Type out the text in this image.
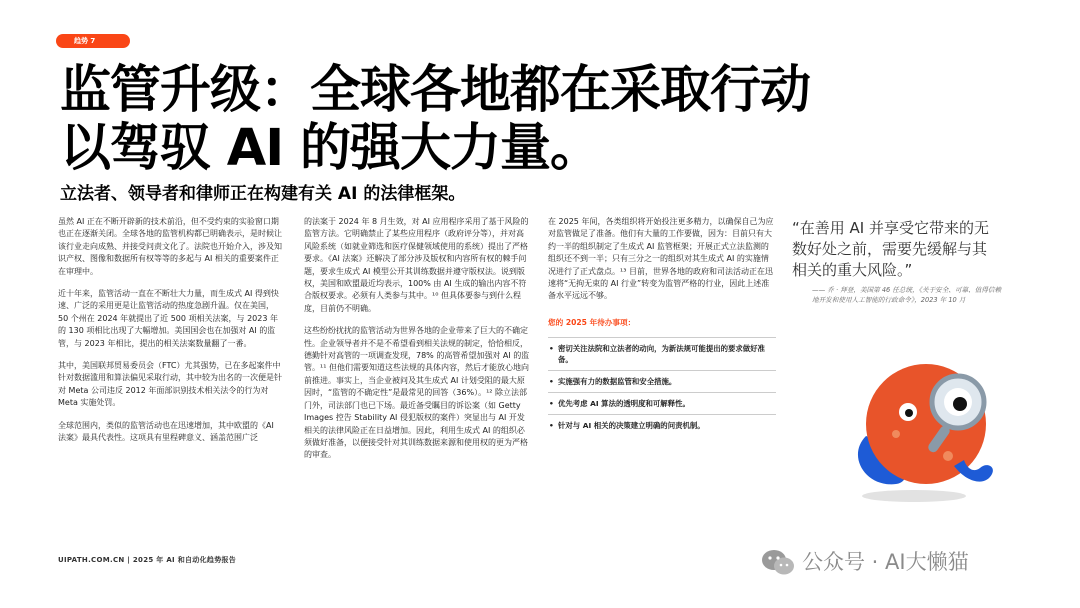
趋势 7
监管升级：全球各地都在采取行动
以驾驭 AI 的强大力量。
立法者、领导者和律师正在构建有关 AI 的法律框架。

虽然 AI 正在不断开辟新的技术前沿，但不受约束的实验窗口期也正在逐渐关闭。全球各地的监管机构都已明确表示，是时候让该行业走向成熟、并接受问责文化了。法院也开始介入，涉及知识产权、图像和数据所有权等等的多起与 AI 相关的重要案件正在审理中。

近十年来，监管活动一直在不断壮大力量，而生成式 AI 得到快速、广泛的采用更是让监管活动的热度急剧升温。仅在美国，50 个州在 2024 年就提出了近 500 项相关法案，与 2023 年的 130 项相比出现了大幅增加。美国国会也在加强对 AI 的监管，与 2023 年相比，提出的相关法案数量翻了一番。

其中，美国联邦贸易委员会（FTC）尤其强势，已在多起案件中针对数据滥用和算法偏见采取行动，其中较为出名的一次便是针对 Meta 公司违反 2012 年面部识别技术相关法令的行为对 Meta 实施处罚。

全球范围内，类似的监管活动也在迅速增加，其中欧盟的《AI 法案》最具代表性。这项具有里程碑意义、涵盖范围广泛

的法案于 2024 年 8 月生效，对 AI 应用程序采用了基于风险的监管方法。它明确禁止了某些应用程序（政府评分等），并对高风险系统（如就业筛选和医疗保健领域使用的系统）提出了严格要求。《AI 法案》还解决了部分涉及版权和内容所有权的棘手问题，要求生成式 AI 模型公开其训练数据并遵守版权法。说到版权，美国和欧盟最近均表示，100% 由 AI 生成的输出内容不符合版权要求。必须有人类参与其中。¹⁰ 但具体要参与到什么程度，目前仍不明确。

这些纷纷扰扰的监管活动为世界各地的企业带来了巨大的不确定性。企业领导者并不是不希望看到相关法规的制定，恰恰相反，德勤针对高管的一项调查发现，78% 的高管希望加强对 AI 的监管。¹¹ 但他们需要知道这些法规的具体内容，然后才能放心地向前推进。事实上，当企业被问及其生成式 AI 计划受阻的最大原因时，“监管的不确定性”是最常见的回答（36%）。¹² 除立法部门外，司法部门也已下场。最近备受瞩目的诉讼案（如 Getty Images 控告 Stability AI 侵犯版权的案件）突显出与 AI 开发相关的法律风险正在日益增加。因此，利用生成式 AI 的组织必须做好准备，以便接受针对其训练数据来源和使用权的更为严格的审查。

在 2025 年间，各类组织将开始投注更多精力，以确保自己为应对监管做足了准备。他们有大量的工作要做，因为：目前只有大约一半的组织制定了生成式 AI 监管框架；开展正式立法监测的组织还不到一半；只有三分之一的组织对其生成式 AI 的实施情况进行了正式盘点。¹³ 目前，世界各地的政府和司法活动正在迅速将“无拘无束的 AI 行业”转变为监管严格的行业，因此上述准备水平远远不够。

您的 2025 年待办事项：
• 密切关注法院和立法者的动向，为新法规可能提出的要求做好准备。
• 实施强有力的数据监管和安全措施。
• 优先考虑 AI 算法的透明度和可解释性。
• 针对与 AI 相关的决策建立明确的问责机制。

“在善用 AI 并享受它带来的无数好处之前，需要先缓解与其相关的重大风险。”

—— 乔 · 拜登，美国第 46 任总统，《关于安全、可靠、值得信赖地开发和使用人工智能的行政命令》，2023 年 10 月
UIPATH.COM.CN | 2025 年 AI 和自动化趋势报告	公众号 · AI大懒猫
